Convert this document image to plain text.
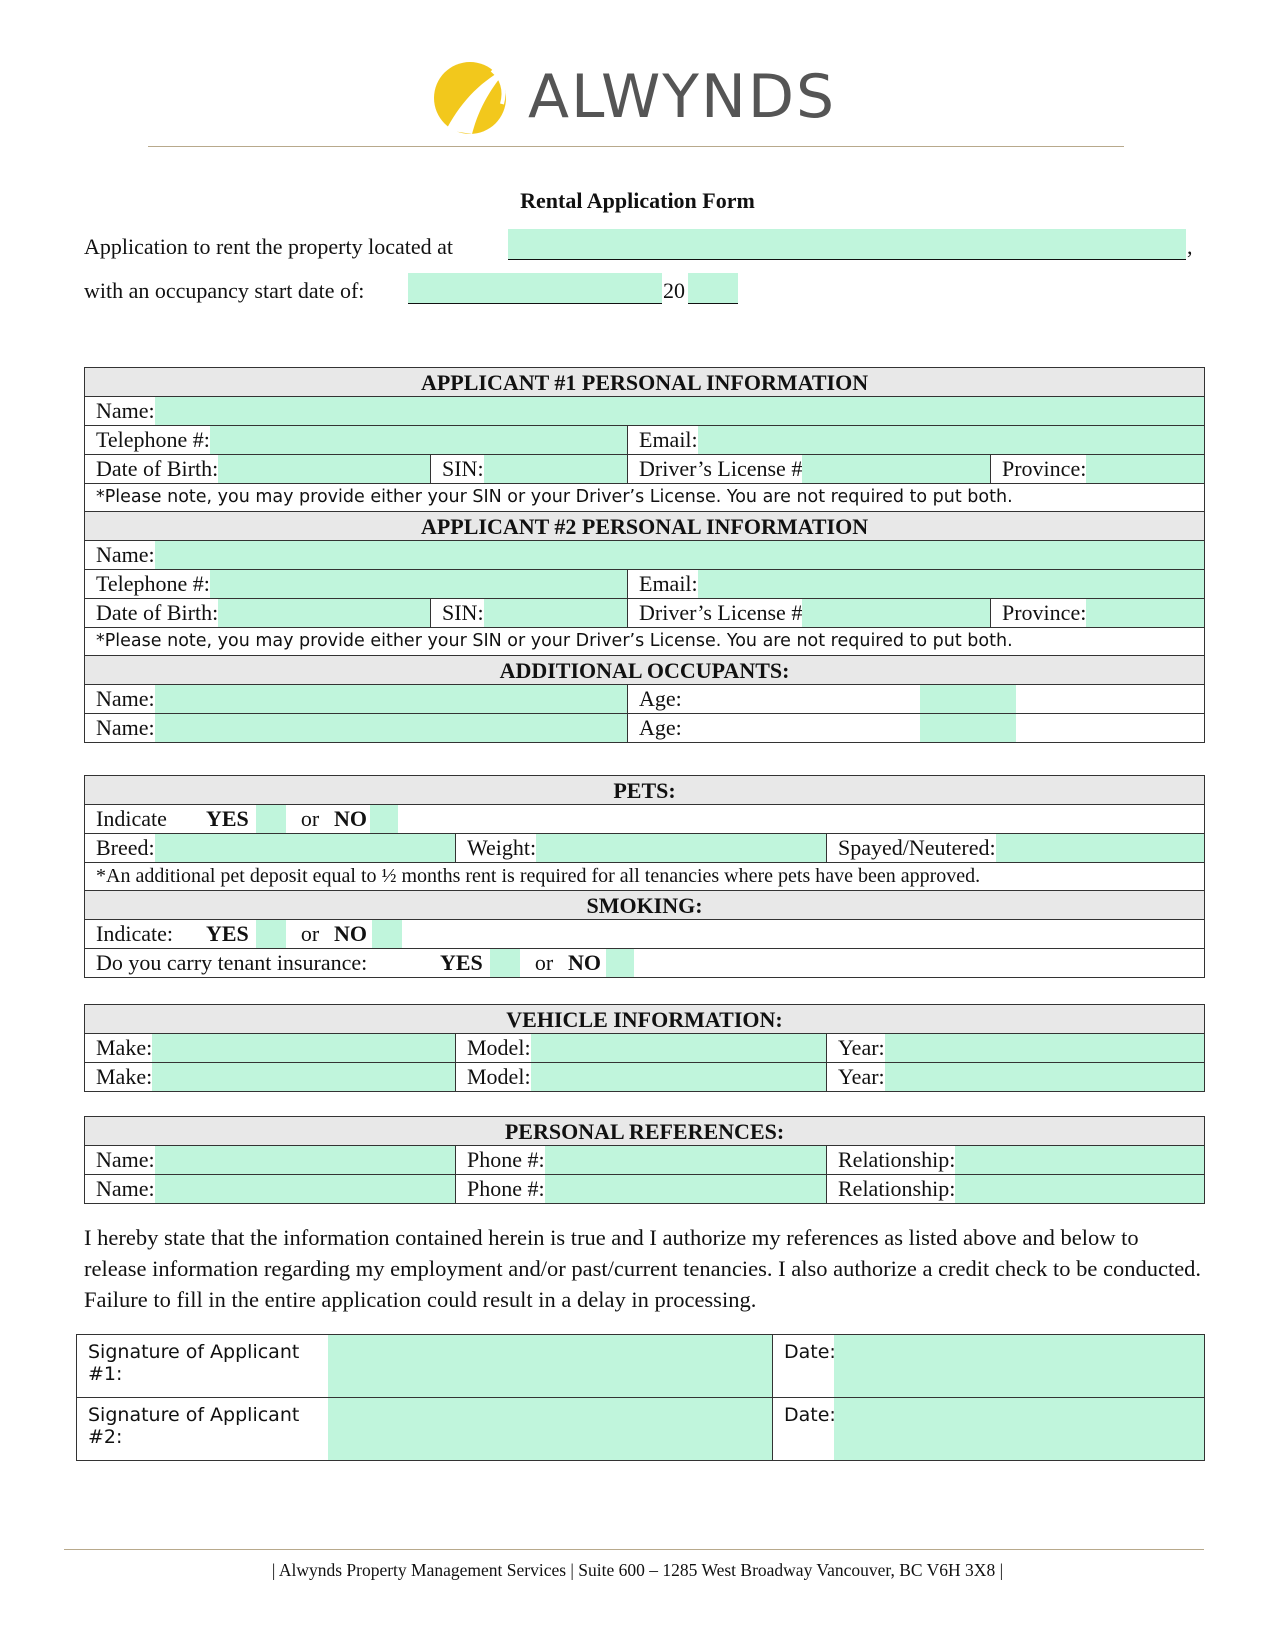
ALWYNDS
Rental Application Form
Application to rent the property located at	,
with an occupancy start date of:	20
APPLICANT #1 PERSONAL INFORMATION			

Name:			

Telephone #:		Email:	

Date of Birth:	SIN:	Driver’s License #	Province:

*Please note, you may provide either your SIN or your Driver’s License. You are not required to put both.			
APPLICANT #2 PERSONAL INFORMATION			

Name:			

Telephone #:		Email:	

Date of Birth:	SIN:	Driver’s License #	Province:

*Please note, you may provide either your SIN or your Driver’s License. You are not required to put both.			
ADDITIONAL OCCUPANTS:			

Name:		Age:	

Name:		Age:	
PETS:

Indicate	YES	or NO

Breed:	Weight:	Spayed/Neutered:

*An additional pet deposit equal to ½ months rent is required for all tenancies where pets have been approved.
SMOKING:

Indicate:	YES	or NO

Do you carry tenant insurance:	YES	or NO
VEHICLE INFORMATION:		

Make:	Model:	Year:

Make:	Model:	Year:
PERSONAL REFERENCES:		

Name:	Phone #:	Relationship:

Name:	Phone #:	Relationship:
I hereby state that the information contained herein is true and I authorize my references as listed above and below to release information regarding my employment and/or past/current tenancies. I also authorize a credit check to be conducted. Failure to fill in the entire application could result in a delay in processing.
Signature of Applicant #1:		Date:	
Signature of Applicant #2:		Date:	
| Alwynds Property Management Services | Suite 600 – 1285 West Broadway Vancouver, BC V6H 3X8 |
